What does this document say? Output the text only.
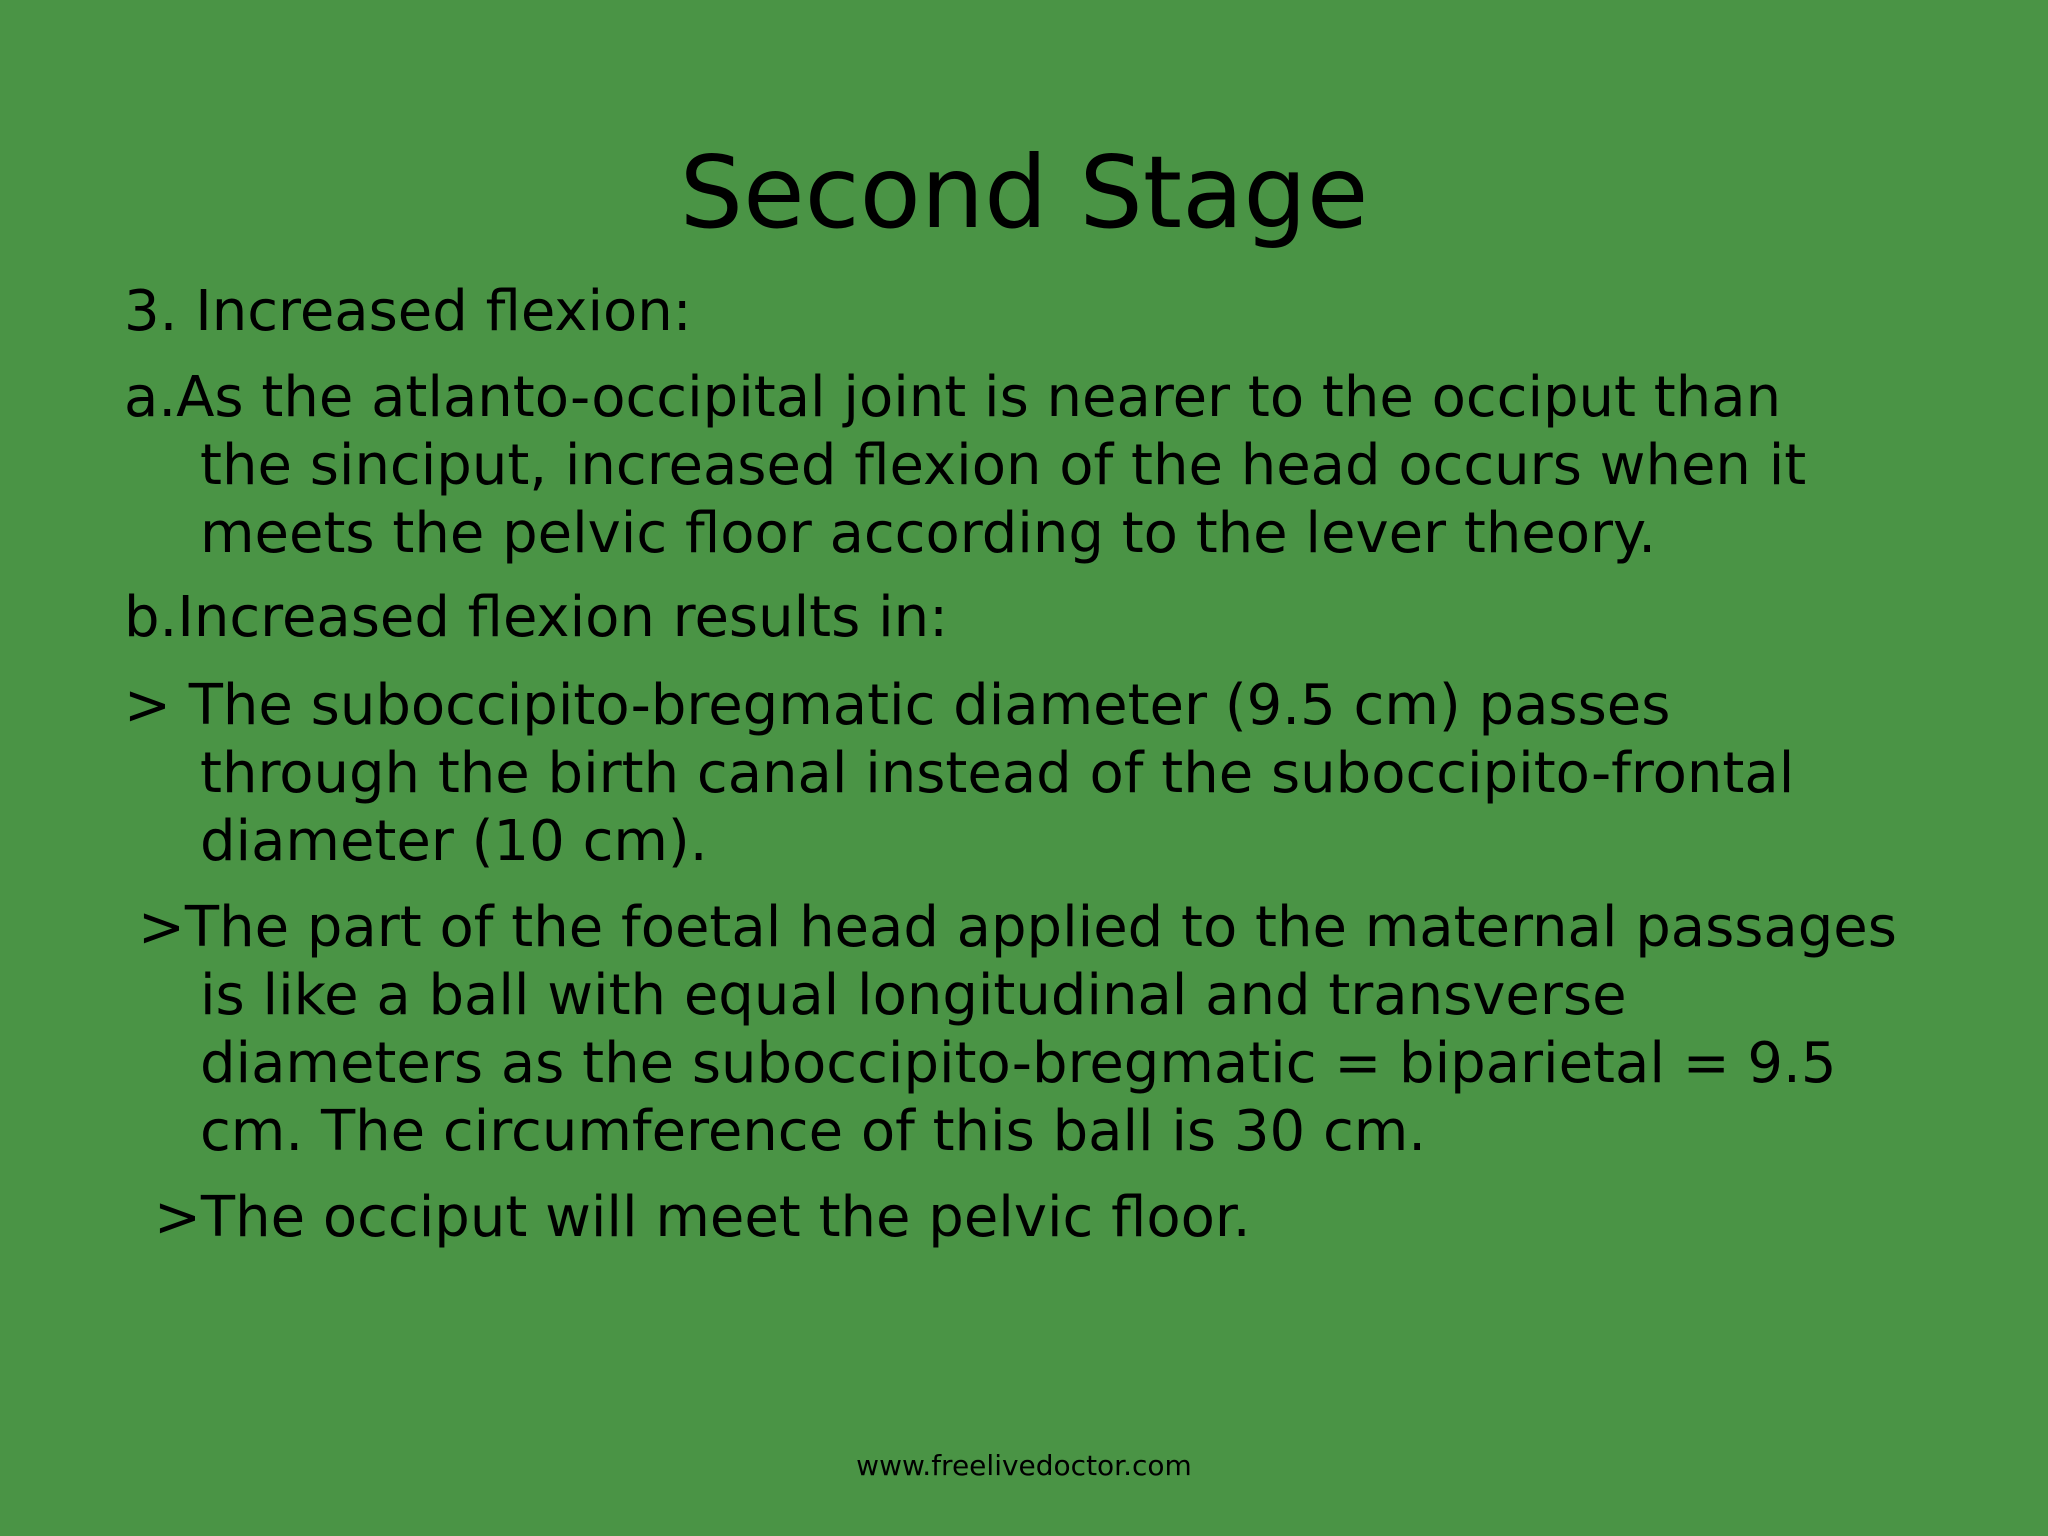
Second Stage
3. Increased flexion:
a.As the atlanto-occipital joint is nearer to the occiput than
the sinciput, increased flexion of the head occurs when it
meets the pelvic floor according to the lever theory.
b.Increased flexion results in:
> The suboccipito-bregmatic diameter (9.5 cm) passes
through the birth canal instead of the suboccipito-frontal
diameter (10 cm).
>The part of the foetal head applied to the maternal passages
is like a ball with equal longitudinal and transverse
diameters as the suboccipito-bregmatic = biparietal = 9.5
cm. The circumference of this ball is 30 cm.
>The occiput will meet the pelvic floor.
www.freelivedoctor.com
